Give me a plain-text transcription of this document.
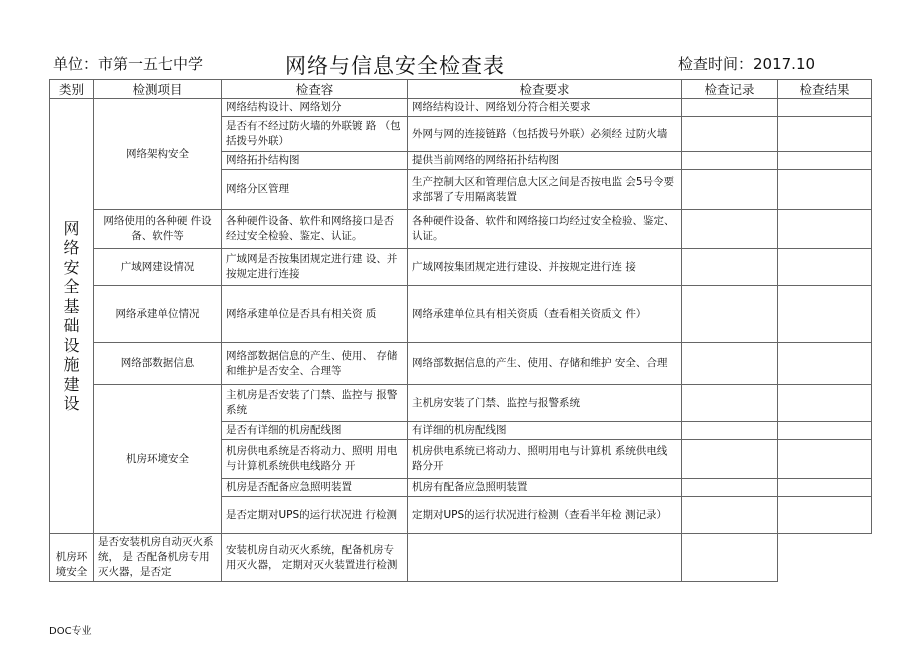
单位：市第一五七中学	网络与信息安全检查表	检查时间：2017.10
类别	检测项目	检查容	检查要求	检查记录	检查结果

网络安全基础设施建设	网络架构安全	网络结构设计、网络划分	网络结构设计、网络划分符合相关要求		
		是否有不经过防火墙的外联镀 路 （包括拨号外联）	外网与网的连接链路（包括拨号外联）必须经 过防火墙		
		网络拓扑结构图	提供当前网络的网络拓扑结构图		
		网络分区管理	生产控制大区和管理信息大区之间是否按电监 会5号令要求部署了专用隔离装置		
	网络使用的各种硬 件设备、软件等	各种硬件设备、软件和网络接口是否经过安全检验、鉴定、认证。	各种硬件设备、软件和网络接口均经过安全检验、鉴定、认证。		
	广域网建设情况	广域网是否按集团规定进行建 设、并按规定进行连接	广域网按集团规定进行建设、并按规定进行连 接		
	网络承建单位情况	网络承建单位是否具有相关资 质	网络承建单位具有相关资质（查看相关资质文 件）		
	网络部数据信息	网络部数据信息的产生、使用、 存储和维护是否安全、合理等	网络部数据信息的产生、使用、存储和维护 安全、合理		
	机房环境安全	主机房是否安装了门禁、监控与 报警系统	主机房安装了门禁、监控与报警系统		
		是否有详细的机房配线图	有详细的机房配线图		
		机房供电系统是否将动力、照明 用电与计算机系统供电线路分 开	机房供电系统已将动力、照明用电与计算机 系统供电线路分开		
		机房是否配备应急照明装置	机房有配备应急照明装置		
		是否定期对UPS的运行状况进 行检测	定期对UPS的运行状况进行检测（查看半年检 测记录）		
机房环境安全	是否安装机房自动灭火系统， 是 否配备机房专用灭火器，是否定	安装机房自动灭火系统，配备机房专用灭火器， 定期对灭火装置进行检测			
DOC专业
